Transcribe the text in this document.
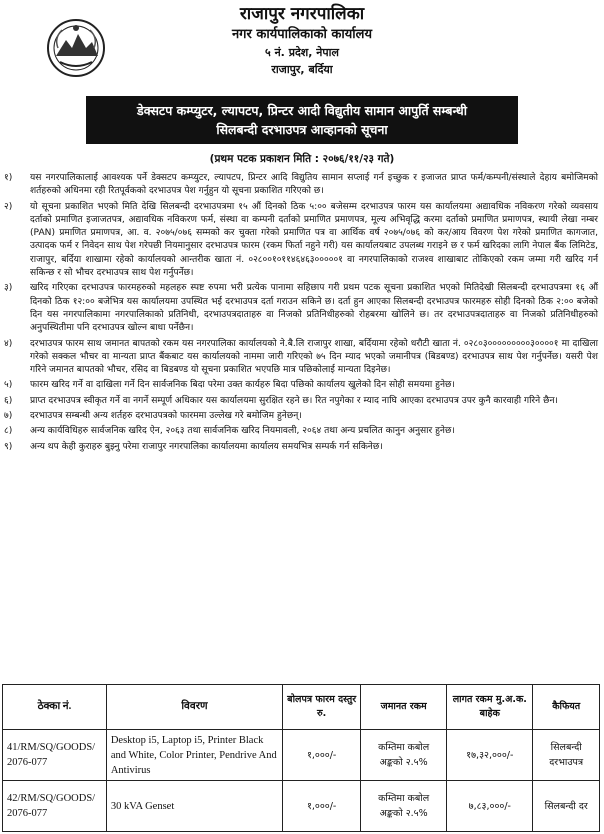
राजापुर नगरपालिका
नगर कार्यपालिकाको कार्यालय
५ नं. प्रदेश, नेपाल
राजापुर, बर्दिया
डेक्सटप कम्प्युटर, ल्यापटप, प्रिन्टर आदी विद्युतीय सामान आपुर्ति सम्बन्धी
सिलबन्दी दरभाउपत्र आव्हानको सूचना
(प्रथम पटक प्रकाशन मिति : २०७६/११/२३ गते)
१)	यस नगरपालिकालाई आवश्यक पर्ने डेक्सटप कम्प्युटर, ल्यापटप, प्रिन्टर आदि विद्युतिय सामान सप्लाई गर्न इच्छुक र इजाजत प्राप्त फर्म/कम्पनी/संस्थाले देहाय बमोजिमको शर्तहरुको अधिनमा रही रितपूर्वकको दरभाउपत्र पेश गर्नुहुन यो सूचना प्रकाशित गरिएको छ।
२)	यो सूचना प्रकाशित भएको मिति देखि सिलबन्दी दरभाउपत्रमा १५ औं दिनको ठिक ५:०० बजेसम्म दरभाउपत्र फारम यस कार्यालयमा अद्यावधिक नविकरण गरेको व्यवसाय दर्ताको प्रमाणित इजाजतपत्र, अद्यावधिक नविकरण फर्म, संस्था वा कम्पनी दर्ताको प्रमाणित प्रमाणपत्र, मूल्य अभिवृद्धि करमा दर्ताको प्रमाणित प्रमाणपत्र, स्थायी लेखा नम्बर (PAN) प्रमाणित प्रमाणपत्र, आ. व. २०७५/०७६ सम्मको कर चुक्ता गरेको प्रमाणित पत्र वा आर्थिक वर्ष २०७५/०७६ को कर/आय विवरण पेश गरेको प्रमाणित कागजात, उत्पादक फर्म र निवेदन साथ पेश गरेपछी नियमानुसार दरभाउपत्र फारम (रकम फिर्ता नहुने गरी) यस कार्यालयबाट उपलब्ध गराइने छ र फर्म खरिदका लागि नेपाल बैंक लिमिटेड, राजापुर, बर्दिया शाखामा रहेको कार्यालयको आन्तरीक खाता नं. ०२८००१०११४६४६३०००००१ वा नगरपालिकाको राजश्व शाखाबाट तोकिएको रकम जम्मा गरी खरिद गर्न सकिन्छ र सो भौचर दरभाउपत्र साथ पेश गर्नुपर्नेछ।
३)	खरिद गरिएका दरभाउपत्र फारमहरुको महलहरु स्पष्ट रुपमा भरी प्रत्येक पानामा सहिछाप गरी प्रथम पटक सूचना प्रकाशित भएको मितिदेखी सिलबन्दी दरभाउपत्रमा १६ औं दिनको ठिक १२:०० बजेभित्र यस कार्यालयमा उपस्थित भई दरभाउपत्र दर्ता गराउन सकिने छ। दर्ता हुन आएका सिलबन्दी दरभाउपत्र फारमहरु सोही दिनको ठिक २:०० बजेको दिन यस नगरपालिकामा नगरपालिकाको प्रतिनिधी, दरभाउपत्रदाताहरु वा निजको प्रतिनिधीहरुको रोहबरमा खोलिने छ। तर दरभाउपत्रदाताहरु वा निजको प्रतिनिधीहरुको अनुपस्थितीमा पनि दरभाउपत्र खोल्न बाधा पर्नेछैन।
४)	दरभाउपत्र फारम साथ जमानत बापतको रकम यस नगरपालिका कार्यालयको ने.बै.लि राजापुर शाखा, बर्दियामा रहेको धरौटी खाता नं. ०२८०३०००००००००३००००१ मा दाखिला गरेको सक्कल भौचर वा मान्यता प्राप्त बैंकबाट यस कार्यालयको नाममा जारी गरिएको ७५ दिन म्याद भएको जमानीपत्र (बिडबण्ड) दरभाउपत्र साथ पेश गर्नुपर्नेछ। यसरी पेश गरिने जमानत बापतको भौचर, रसिद वा बिडबण्ड यो सूचना प्रकाशित भएपछि मात्र पछिकोलाई मान्यता दिइनेछ।
५)	फारम खरिद गर्ने वा दाखिला गर्ने दिन सार्वजनिक बिदा परेमा उक्त कार्यहरु बिदा पछिको कार्यालय खुलेको दिन सोही समयमा हुनेछ।
६)	प्राप्त दरभाउपत्र स्वीकृत गर्ने वा नगर्ने सम्पूर्ण अधिकार यस कार्यालयमा सुरक्षित रहने छ। रित नपुगेका र म्याद नाघि आएका दरभाउपत्र उपर कुनै कारवाही गरिने छैन।
७)	दरभाउपत्र सम्बन्धी अन्य शर्तहरु दरभाउपत्रको फारममा उल्लेख गरे बमोजिम हुनेछन्।
८)	अन्य कार्यविधिहरु सार्वजनिक खरिद ऐन, २०६३ तथा सार्वजनिक खरिद नियमावली, २०६४ तथा अन्य प्रचलित कानुन अनुसार हुनेछ।
९)	अन्य थप केही कुराहरु बुझ्नु परेमा राजापुर नगरपालिका कार्यालयमा कार्यालय समयभित्र सम्पर्क गर्न सकिनेछ।
ठेक्का नं.	विवरण	बोलपत्र फारम दस्तुर रु.	जमानत रकम	लागत रकम मु.अ.क. बाहेक	कैफियत
41/RM/SQ/GOODS/ 2076-077	Desktop i5, Laptop i5, Printer Black and White, Color Printer, Pendrive And Antivirus	१,०००/-	कम्तिमा कबोल अङ्कको २.५%	१७,३२,०००/-	सिलबन्दी दरभाउपत्र
42/RM/SQ/GOODS/ 2076-077	30 kVA Genset	१,०००/-	कम्तिमा कबोल अङ्कको २.५%	७,८३,०००/-	सिलबन्दी दर
